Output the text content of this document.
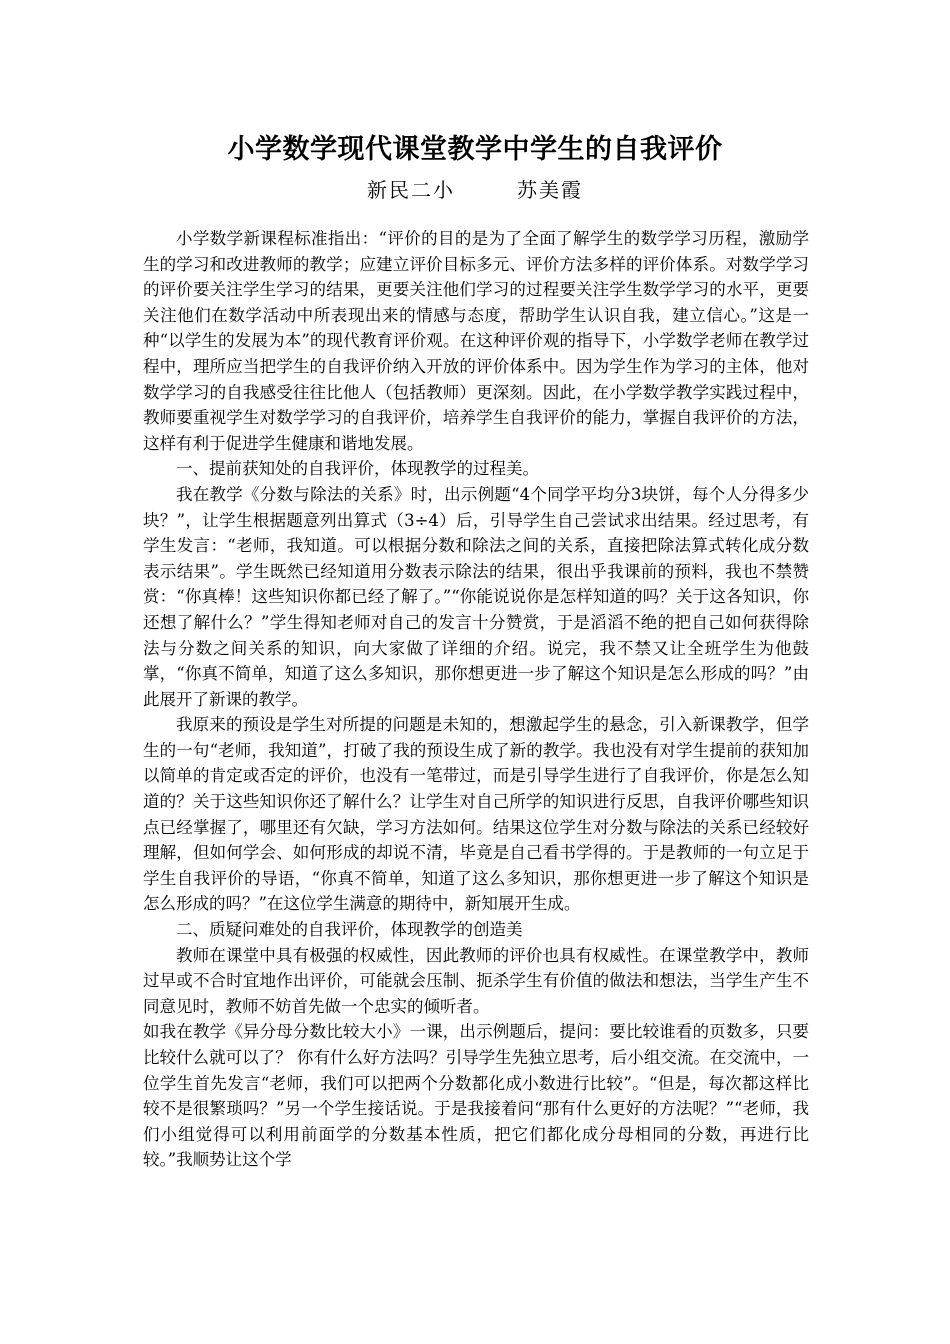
小学数学现代课堂教学中学生的自我评价
新民二小	苏美霞

小学数学新课程标准指出：“评价的目的是为了全面了解学生的数学学习历程，激励学生的学习和改进教师的教学；应建立评价目标多元、评价方法多样的评价体系。对数学学习的评价要关注学生学习的结果，更要关注他们学习的过程要关注学生数学学习的水平，更要关注他们在数学活动中所表现出来的情感与态度，帮助学生认识自我，建立信心。”这是一种“以学生的发展为本”的现代教育评价观。在这种评价观的指导下，小学数学老师在教学过程中，理所应当把学生的自我评价纳入开放的评价体系中。因为学生作为学习的主体，他对数学学习的自我感受往往比他人（包括教师）更深刻。因此，在小学数学教学实践过程中，教师要重视学生对数学学习的自我评价，培养学生自我评价的能力，掌握自我评价的方法，这样有利于促进学生健康和谐地发展。

一、提前获知处的自我评价，体现教学的过程美。

我在教学《分数与除法的关系》时，出示例题“4个同学平均分3块饼，每个人分得多少块？”，让学生根据题意列出算式（3÷4）后，引导学生自己尝试求出结果。经过思考，有学生发言：“老师，我知道。可以根据分数和除法之间的关系，直接把除法算式转化成分数表示结果”。学生既然已经知道用分数表示除法的结果，很出乎我课前的预料，我也不禁赞赏：“你真棒！这些知识你都已经了解了。”“你能说说你是怎样知道的吗？关于这各知识，你还想了解什么？”学生得知老师对自己的发言十分赞赏，于是滔滔不绝的把自己如何获得除法与分数之间关系的知识，向大家做了详细的介绍。说完，我不禁又让全班学生为他鼓掌，“你真不简单，知道了这么多知识，那你想更进一步了解这个知识是怎么形成的吗？”由此展开了新课的教学。

我原来的预设是学生对所提的问题是未知的，想激起学生的悬念，引入新课教学，但学生的一句“老师，我知道”，打破了我的预设生成了新的教学。我也没有对学生提前的获知加以简单的肯定或否定的评价，也没有一笔带过，而是引导学生进行了自我评价，你是怎么知道的？关于这些知识你还了解什么？让学生对自己所学的知识进行反思，自我评价哪些知识点已经掌握了，哪里还有欠缺，学习方法如何。结果这位学生对分数与除法的关系已经较好理解，但如何学会、如何形成的却说不清，毕竟是自己看书学得的。于是教师的一句立足于学生自我评价的导语，“你真不简单，知道了这么多知识，那你想更进一步了解这个知识是怎么形成的吗？”在这位学生满意的期待中，新知展开生成。

二、质疑问难处的自我评价，体现教学的创造美

教师在课堂中具有极强的权威性，因此教师的评价也具有权威性。在课堂教学中，教师过早或不合时宜地作出评价，可能就会压制、扼杀学生有价值的做法和想法，当学生产生不同意见时，教师不妨首先做一个忠实的倾听者。

如我在教学《异分母分数比较大小》一课，出示例题后，提问：要比较谁看的页数多，只要比较什么就可以了？ 你有什么好方法吗？引导学生先独立思考，后小组交流。在交流中，一位学生首先发言“老师，我们可以把两个分数都化成小数进行比较”。“但是，每次都这样比较不是很繁琐吗？”另一个学生接话说。于是我接着问“那有什么更好的方法呢？”“老师，我们小组觉得可以利用前面学的分数基本性质，把它们都化成分母相同的分数，再进行比较。”我顺势让这个学
